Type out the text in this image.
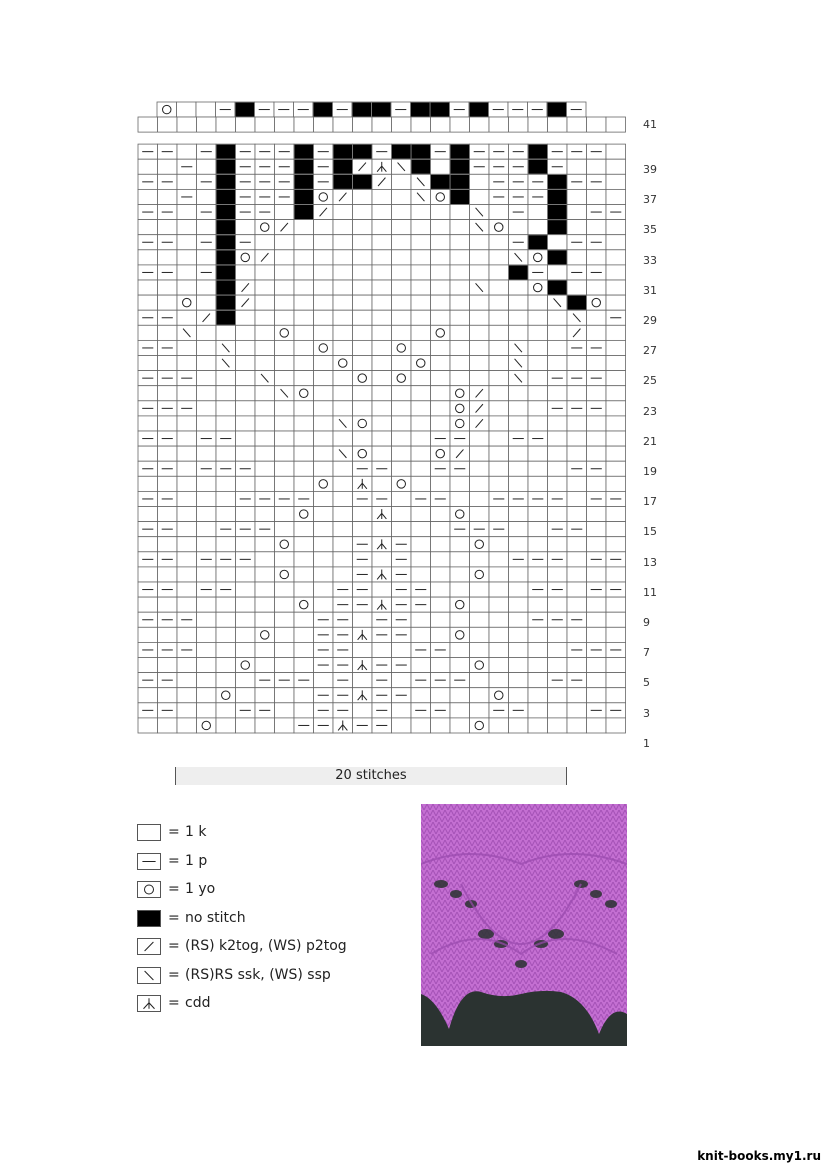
41
39
37
35
33
31
29
27
25
23
21
19
17
15
13
11
9
7
5
3
1
20 stitches
= 1 k
= 1 p
= 1 yo
= no stitch
= (RS) k2tog, (WS) p2tog
= (RS)RS ssk, (WS) ssp
= cdd
knit-books.my1.ru
